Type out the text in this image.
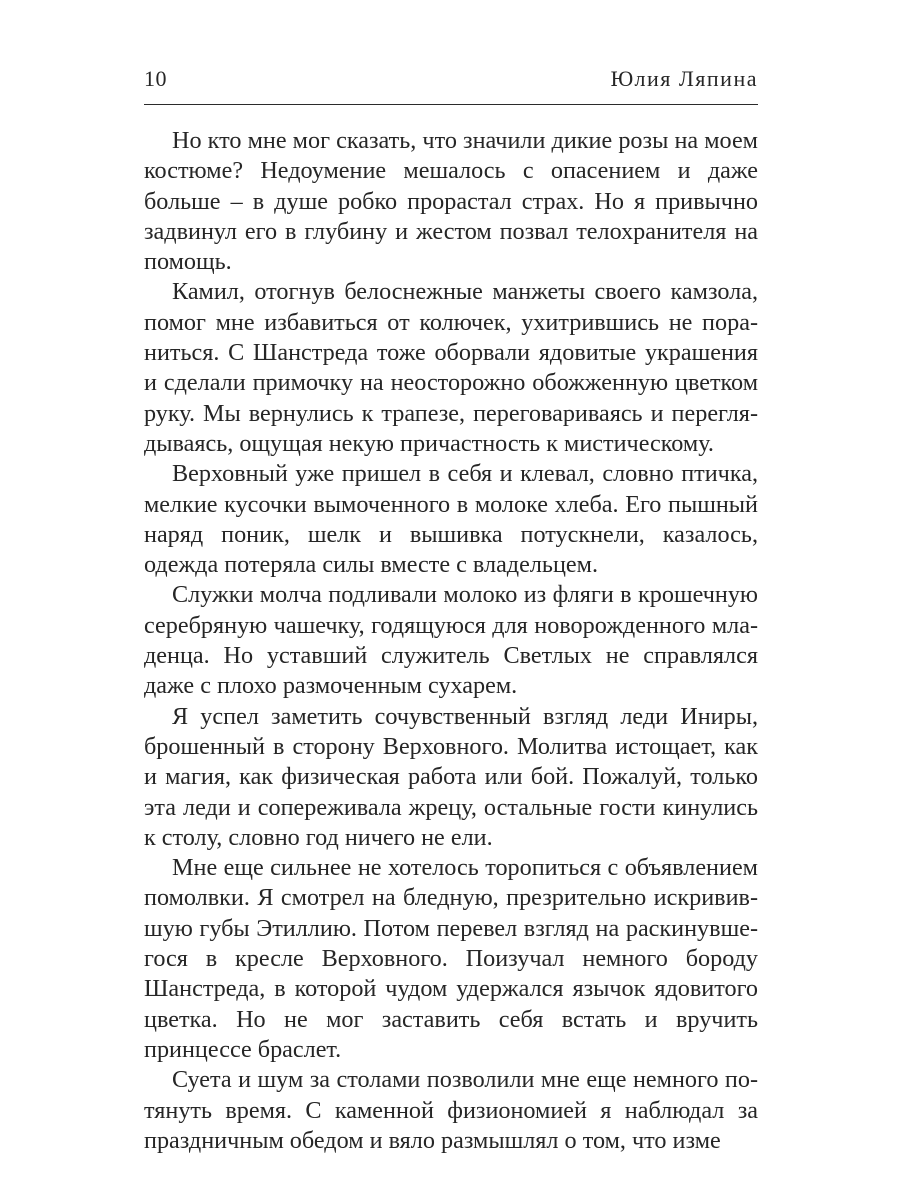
10	Юлия Ляпина

Но кто мне мог сказать, что значили дикие розы на моем костюме? Недоумение мешалось с опасением и даже больше – в душе робко прорастал страх. Но я привычно задвинул его в глубину и жестом позвал телохранителя на помощь.

Камил, отогнув белоснежные манжеты своего камзола, помог мне избавиться от колючек, ухитрившись не пораниться. С Шанстреда тоже оборвали ядовитые украшения и сделали примочку на неосторожно обожженную цветком руку. Мы вернулись к трапезе, переговариваясь и переглядываясь, ощущая некую причастность к мистическому.

Верховный уже пришел в себя и клевал, словно птичка, мелкие кусочки вымоченного в молоке хлеба. Его пышный наряд поник, шелк и вышивка потускнели, казалось, одежда потеряла силы вместе с владельцем.

Служки молча подливали молоко из фляги в крошечную серебряную чашечку, годящуюся для новорожденного младенца. Но уставший служитель Светлых не справлялся даже с плохо размоченным сухарем.

Я успел заметить сочувственный взгляд леди Иниры, брошенный в сторону Верховного. Молитва истощает, как и магия, как физическая работа или бой. Пожалуй, только эта леди и сопереживала жрецу, остальные гости кинулись к столу, словно год ничего не ели.

Мне еще сильнее не хотелось торопиться с объявлением помолвки. Я смотрел на бледную, презрительно искривившую губы Этиллию. Потом перевел взгляд на раскинувшегося в кресле Верховного. Поизучал немного бороду Шанстреда, в которой чудом удержался язычок ядовитого цветка. Но не мог заставить себя встать и вручить принцессе браслет.

Суета и шум за столами позволили мне еще немного потянуть время. С каменной физиономией я наблюдал за праздничным обедом и вяло размышлял о том, что изме
